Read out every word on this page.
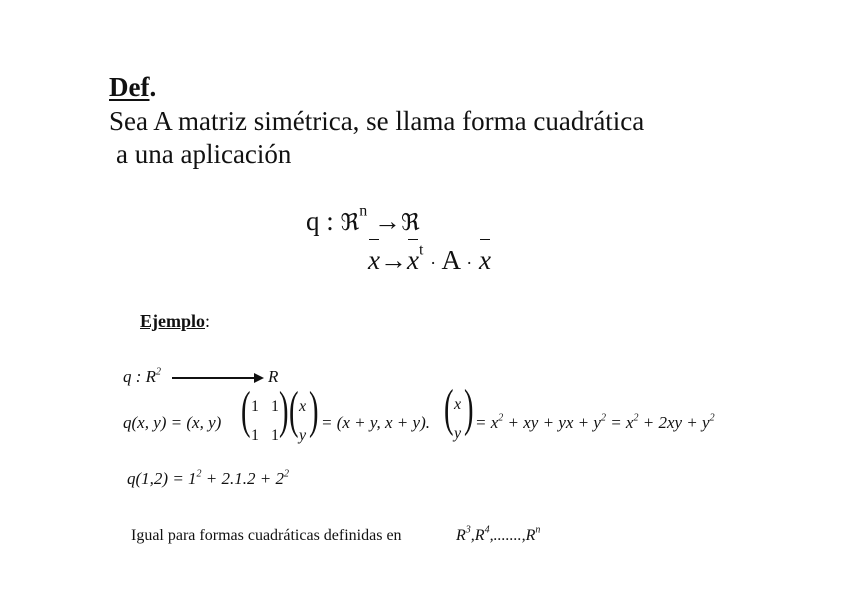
Def.
Sea A matriz simétrica, se llama forma cuadrática
a una aplicación
q : ℜ$^n$ →ℜ
$x\to x^t \cdot A \cdot x$
Ejemplo:
q : $R^2$	R
q(x, y) = (x, y) ( 1 1
1 1 ) ( x
y ) = (x + y, x + y). ( x
y ) = $x^2$ + xy + yx + $y^2 = x^2 + 2xy + y^2$
$q(1,2) = 1^2 + 2.1.2 + 2^2$
Igual para formas cuadráticas definidas en	$R^3,R^4,.......,R^n$
